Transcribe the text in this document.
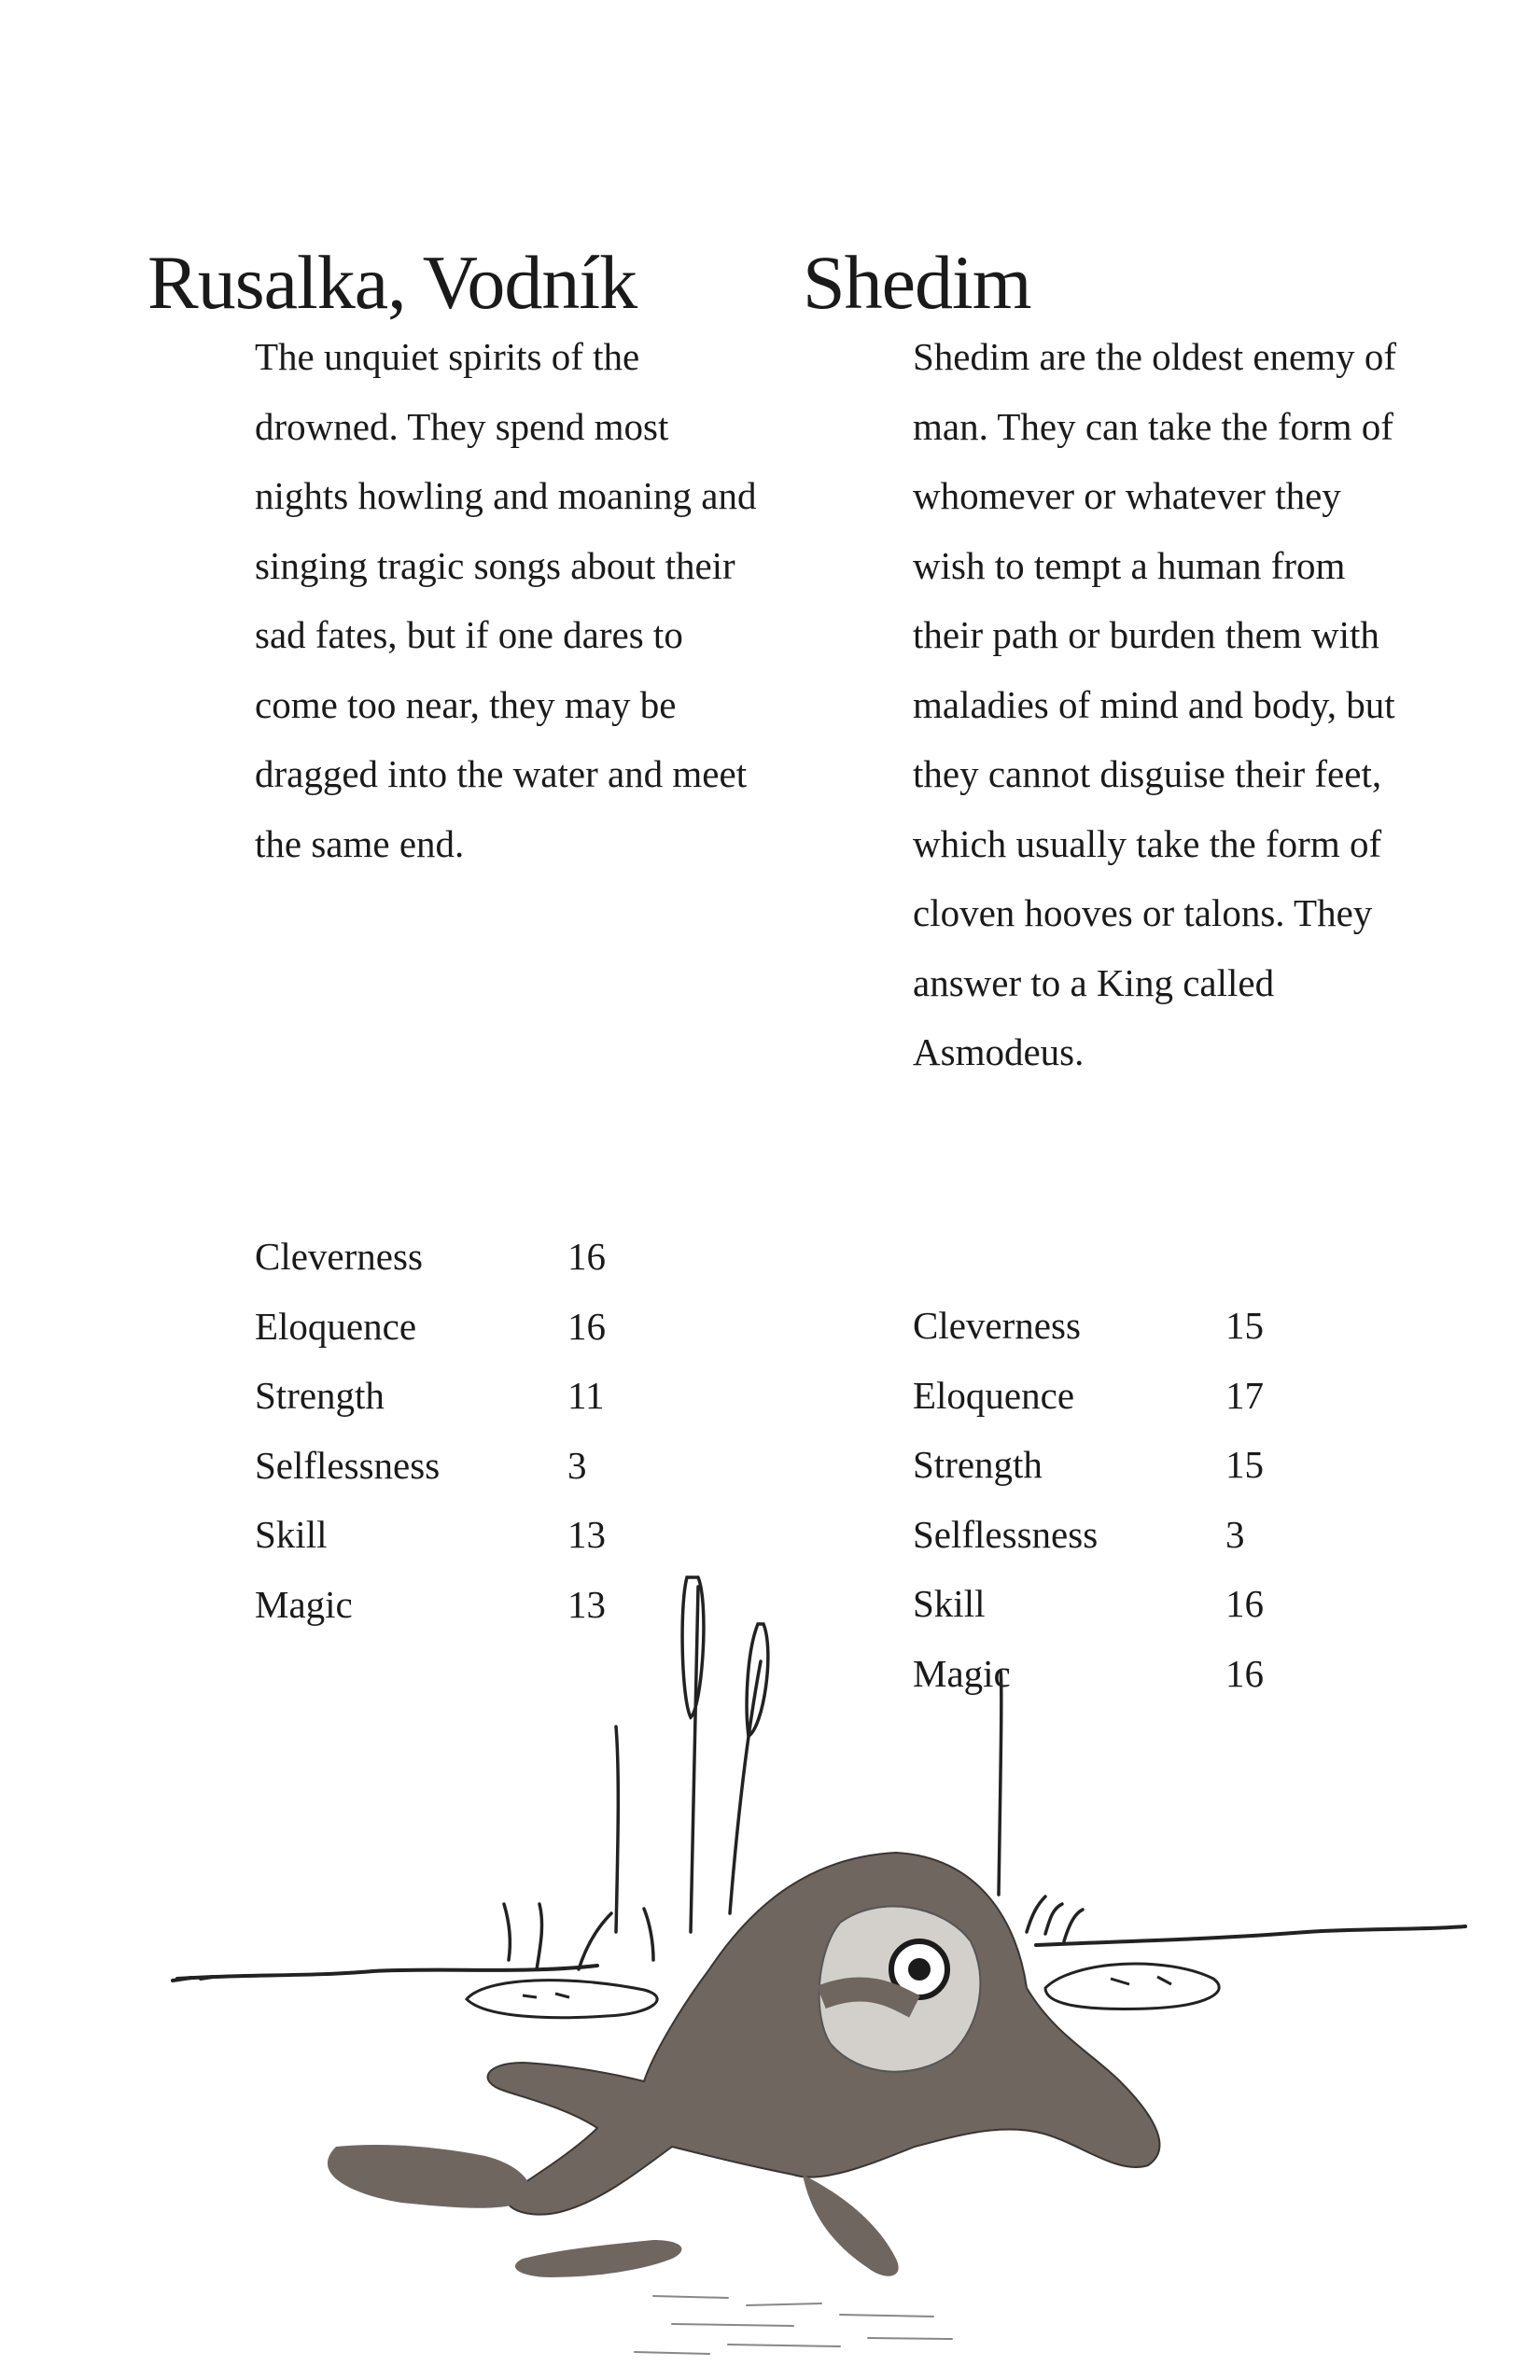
Rusalka, Vodník

The unquiet spirits of the drowned. They spend most nights howling and moaning and singing tragic songs about their sad fates, but if one dares to come too near, they may be dragged into the water and meet the same end.

Cleverness	16
Eloquence	16
Strength	11
Selflessness	3
Skill	13
Magic	13
Shedim

Shedim are the oldest enemy of man. They can take the form of whomever or whatever they wish to tempt a human from their path or burden them with maladies of mind and body, but they cannot disguise their feet, which usually take the form of cloven hooves or talons. They answer to a King called Asmodeus.

Cleverness	15
Eloquence	17
Strength	15
Selflessness	3
Skill	16
Magic	16
